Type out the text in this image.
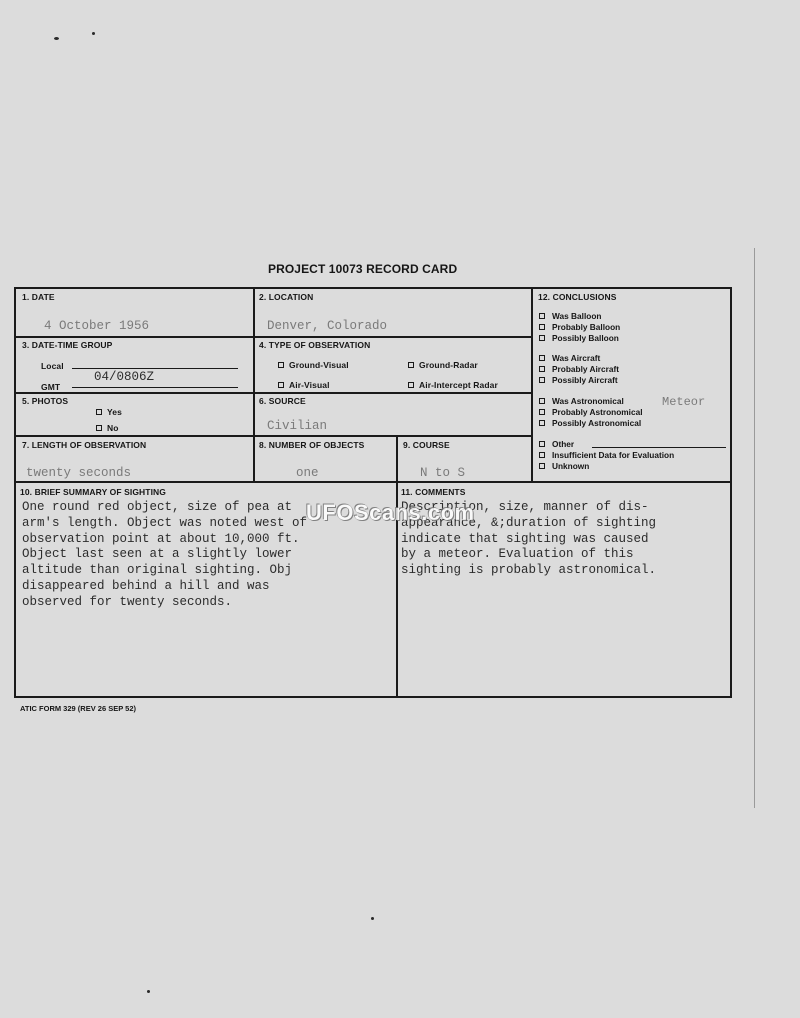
PROJECT 10073 RECORD CARD
1. DATE
4 October 1956
2. LOCATION
Denver, Colorado
3. DATE-TIME GROUP
Local
GMT
04/0806Z
4. TYPE OF OBSERVATION
Ground-Visual	Ground-Radar
Air-Visual	Air-Intercept Radar
5. PHOTOS
Yes
No
6. SOURCE
Civilian
7. LENGTH OF OBSERVATION
twenty seconds
8. NUMBER OF OBJECTS
one
9. COURSE
N to S
10. BRIEF SUMMARY OF SIGHTING
One round red object, size of pea at
arm's length. Object was noted west of
observation point at about 10,000 ft.
Object last seen at a slightly lower
altitude than original sighting. Obj
disappeared behind a hill and was
observed for twenty seconds.
11. COMMENTS
Description, size, manner of dis-
appearance, &;duration of sighting
indicate that sighting was caused
by a meteor. Evaluation of this
sighting is probably astronomical.
12. CONCLUSIONS
Was Balloon
Probably Balloon
Possibly Balloon
Was Aircraft
Probably Aircraft
Possibly Aircraft
Was Astronomical	Meteor
Probably Astronomical
Possibly Astronomical
Other
Insufficient Data for Evaluation
Unknown
UFOScans.com
ATIC FORM 329 (REV 26 SEP 52)
